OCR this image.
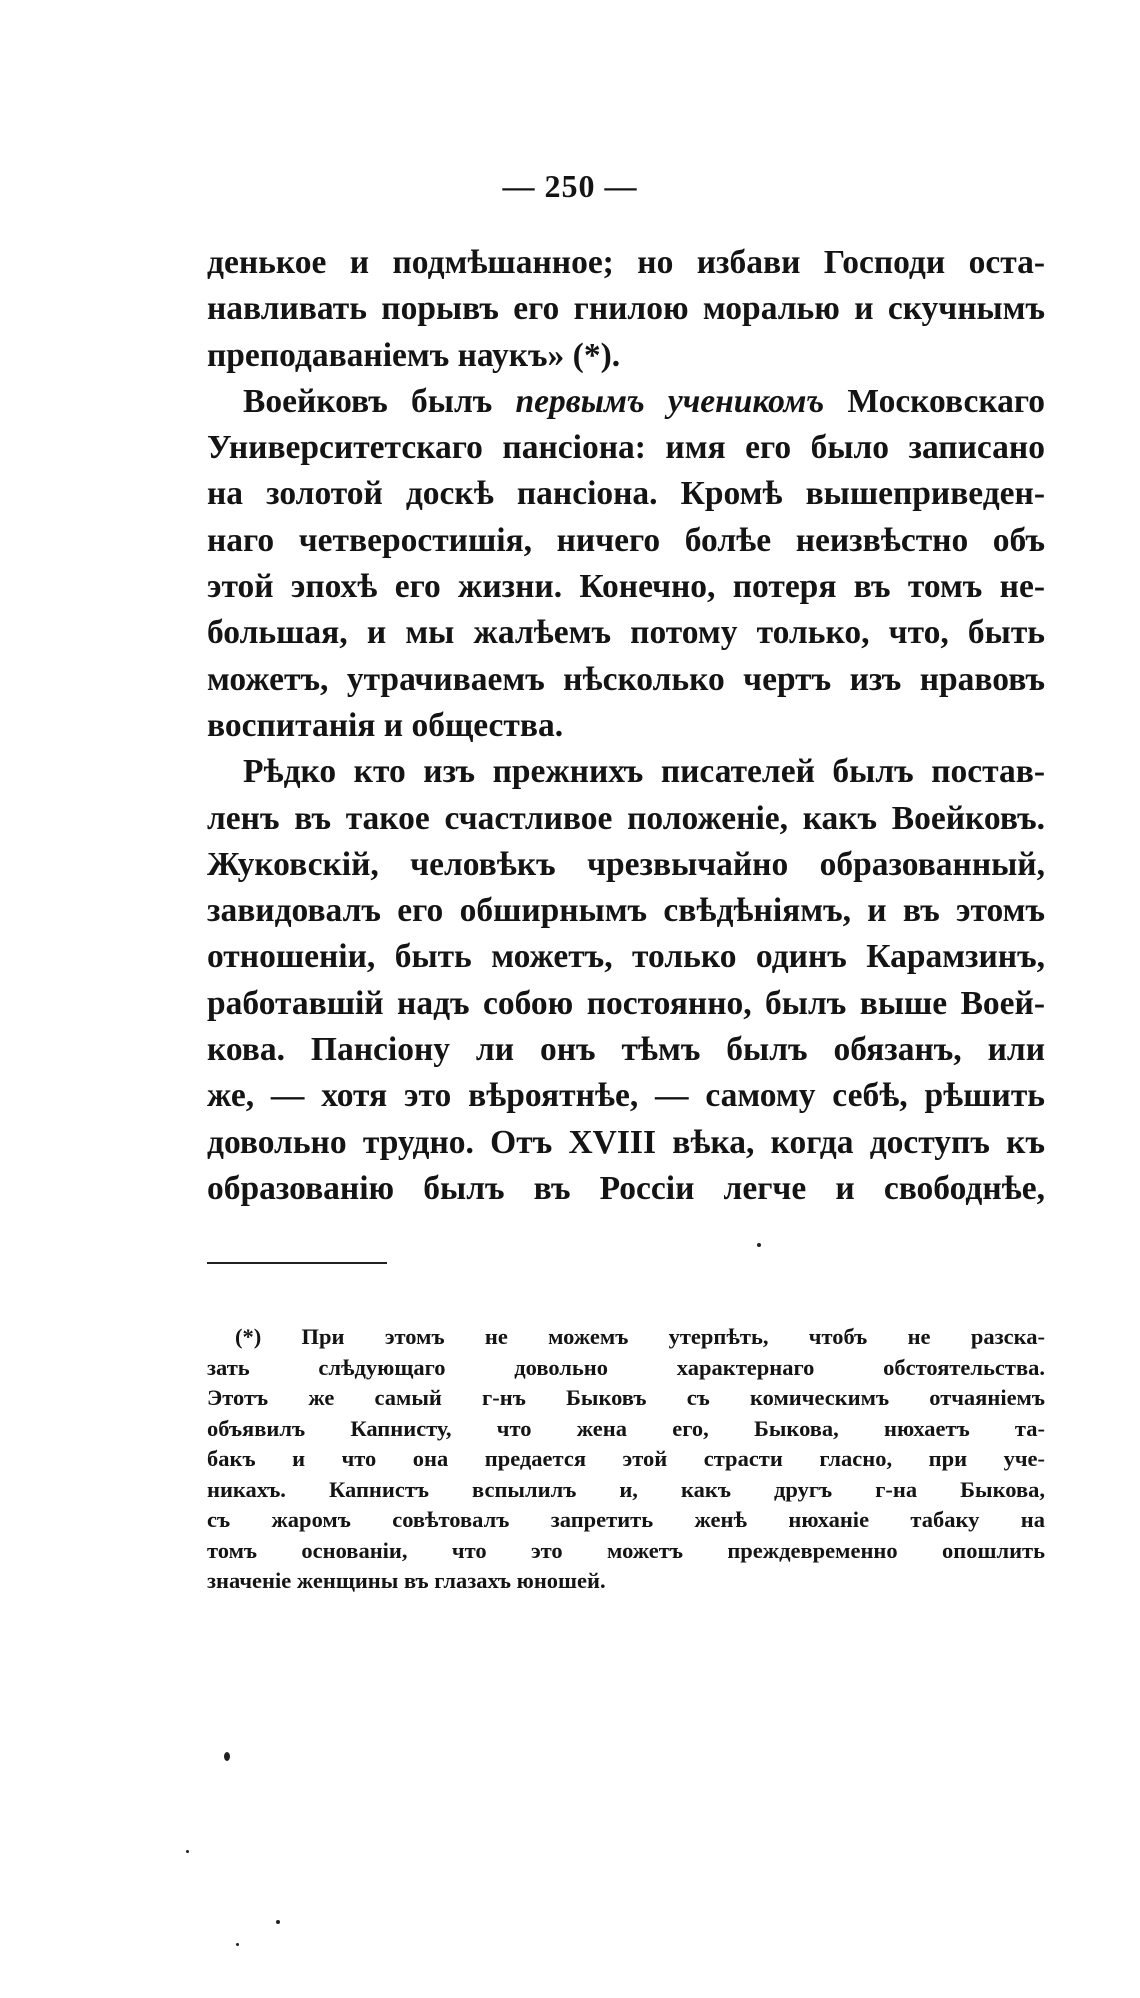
— 250 —
денькое и подмѣшанное; но избави Господи оста-
навливать порывъ его гнилою моралью и скучнымъ
преподаваніемъ наукъ» (*).
Воейковъ былъ первымъ ученикомъ Московскаго
Университетскаго пансіона: имя его было записано
на золотой доскѣ пансіона. Кромѣ вышеприведен-
наго четверостишія, ничего болѣе неизвѣстно объ
этой эпохѣ его жизни. Конечно, потеря въ томъ не-
большая, и мы жалѣемъ потому только, что, быть
можетъ, утрачиваемъ нѣсколько чертъ изъ нравовъ
воспитанія и общества.
Рѣдко кто изъ прежнихъ писателей былъ постав-
ленъ въ такое счастливое положеніе, какъ Воейковъ.
Жуковскій, человѣкъ чрезвычайно образованный,
завидовалъ его обширнымъ свѣдѣніямъ, и въ этомъ
отношеніи, быть можетъ, только одинъ Карамзинъ,
работавшій надъ собою постоянно, былъ выше Воей-
кова. Пансіону ли онъ тѣмъ былъ обязанъ, или
же, — хотя это вѣроятнѣе, — самому себѣ, рѣшить
довольно трудно. Отъ XVIII вѣка, когда доступъ къ
образованію былъ въ Россіи легче и свободнѣе,
(*) При этомъ не можемъ утерпѣть, чтобъ не разска-
зать слѣдующаго довольно характернаго обстоятельства.
Этотъ же самый г-нъ Быковъ съ комическимъ отчаяніемъ
объявилъ Капнисту, что жена его, Быкова, нюхаетъ та-
бакъ и что она предается этой страсти гласно, при уче-
никахъ. Капнистъ вспылилъ и, какъ другъ г-на Быкова,
съ жаромъ совѣтовалъ запретить женѣ нюханіе табаку на
томъ основаніи, что это можетъ преждевременно опошлить
значеніе женщины въ глазахъ юношей.
